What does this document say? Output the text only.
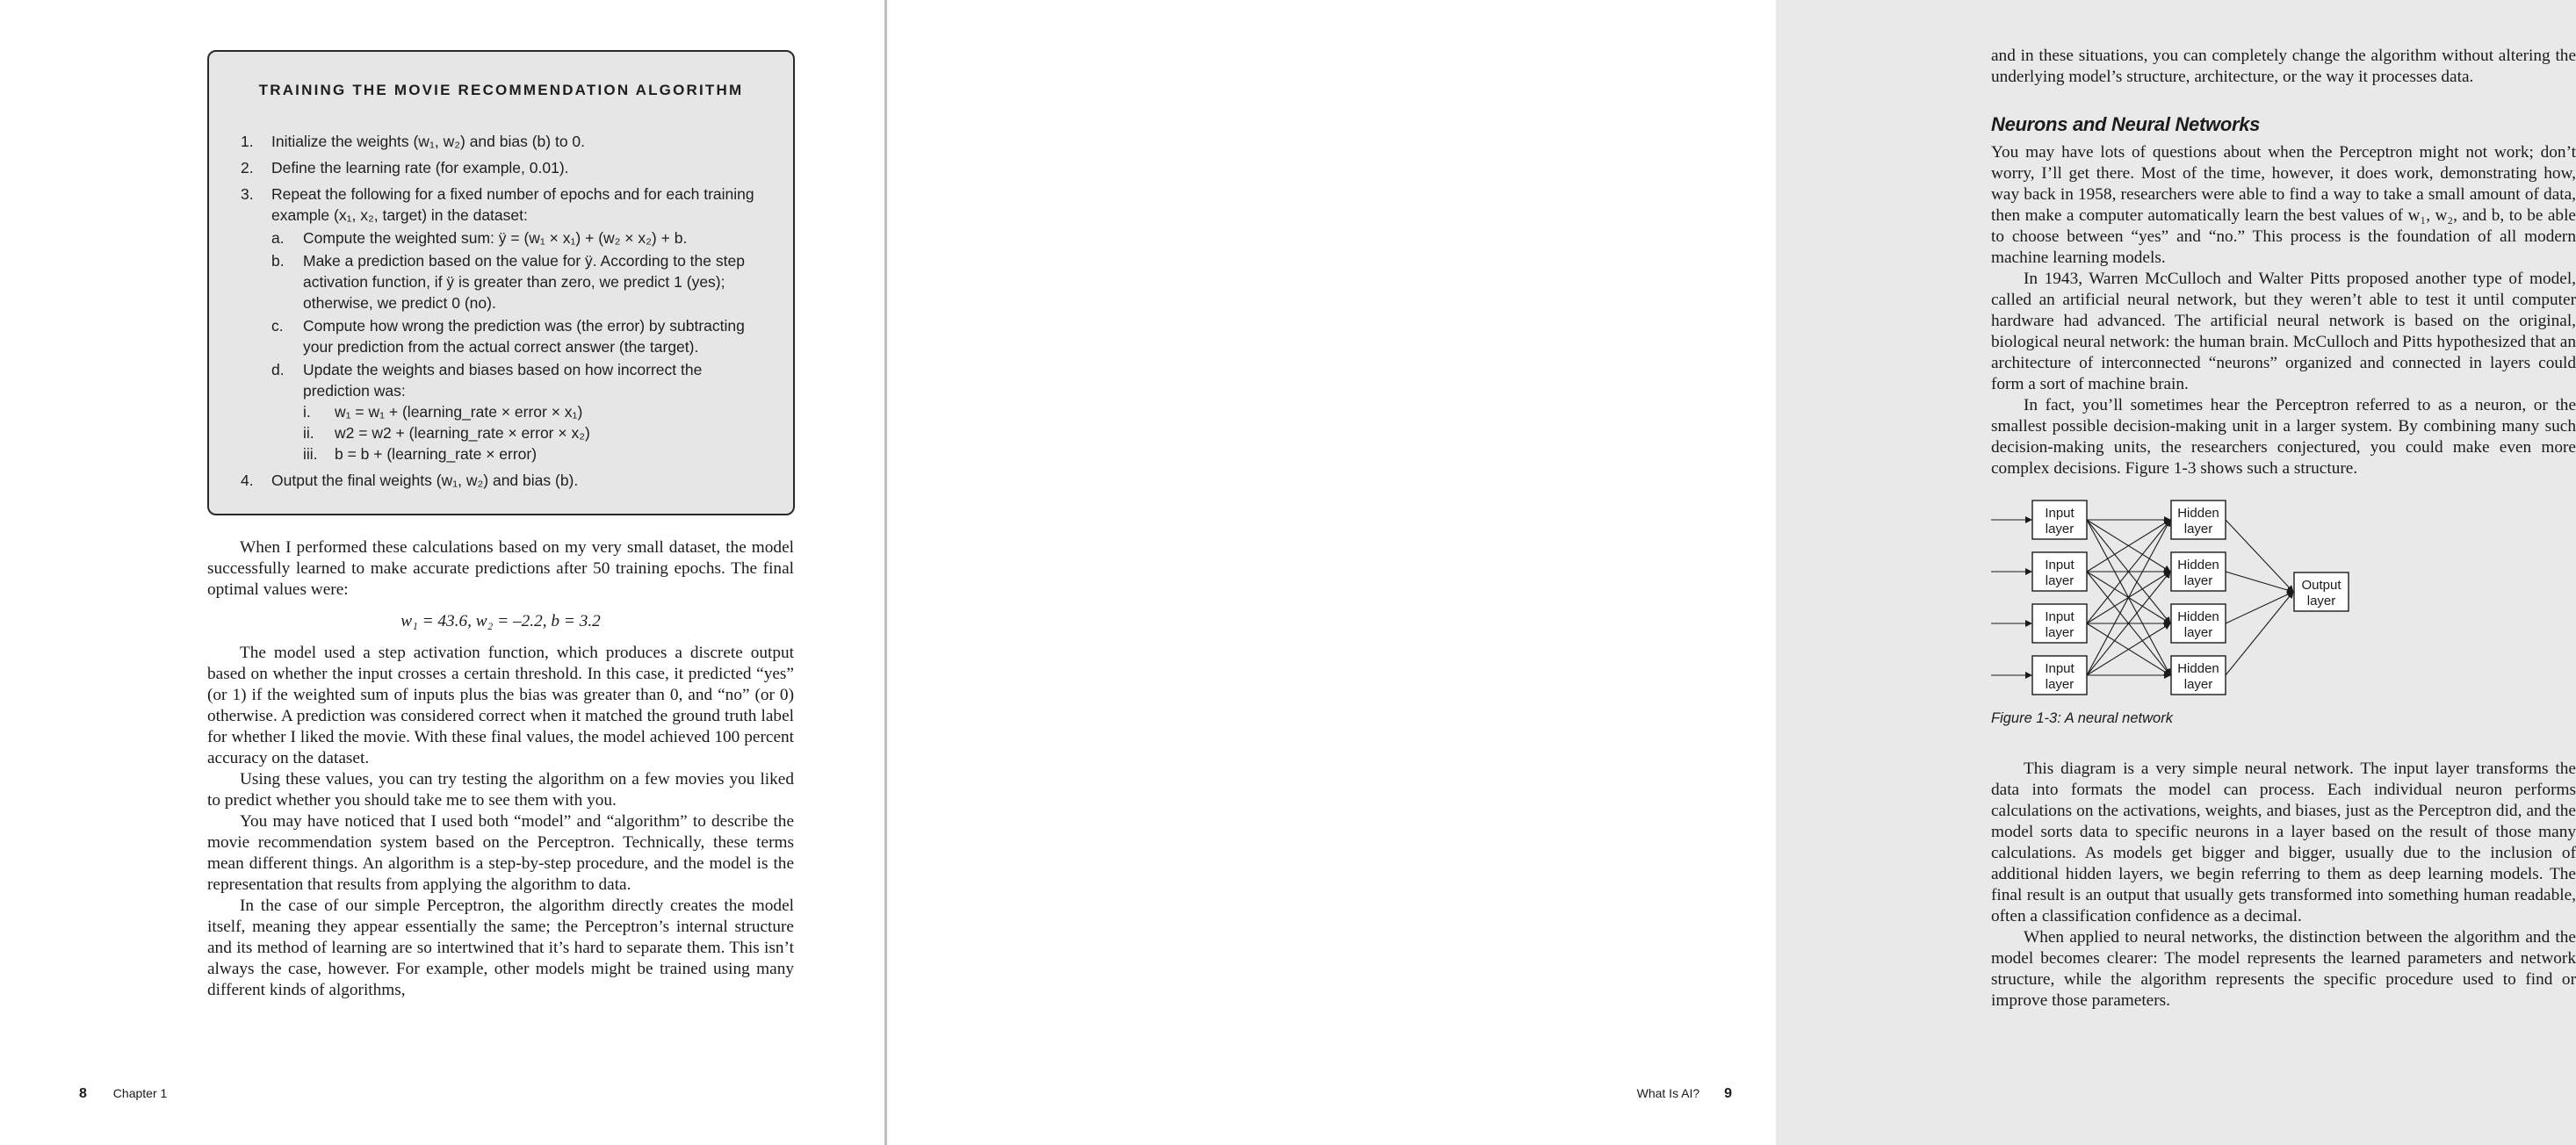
TRAINING THE MOVIE RECOMMENDATION ALGORITHM
1. Initialize the weights (w₁, w₂) and bias (b) to 0.
2. Define the learning rate (for example, 0.01).
3. Repeat the following for a fixed number of epochs and for each training example (x₁, x₂, target) in the dataset:
a. Compute the weighted sum: ÿ = (w₁ × x₁) + (w₂ × x₂) + b.
b. Make a prediction based on the value for ÿ. According to the step activation function, if ÿ is greater than zero, we predict 1 (yes); otherwise, we predict 0 (no).
c. Compute how wrong the prediction was (the error) by subtracting your prediction from the actual correct answer (the target).
d. Update the weights and biases based on how incorrect the prediction was:
i. w₁ = w₁ + (learning_rate × error × x₁)
ii. w2 = w2 + (learning_rate × error × x₂)
iii. b = b + (learning_rate × error)
4. Output the final weights (w₁, w₂) and bias (b).

When I performed these calculations based on my very small dataset, the model successfully learned to make accurate predictions after 50 training epochs. The final optimal values were:

w₁ = 43.6, w₂ = –2.2, b = 3.2

The model used a step activation function, which produces a discrete output based on whether the input crosses a certain threshold. In this case, it predicted “yes” (or 1) if the weighted sum of inputs plus the bias was greater than 0, and “no” (or 0) otherwise. A prediction was considered correct when it matched the ground truth label for whether I liked the movie. With these final values, the model achieved 100 percent accuracy on the dataset.

Using these values, you can try testing the algorithm on a few movies you liked to predict whether you should take me to see them with you.

You may have noticed that I used both “model” and “algorithm” to describe the movie recommendation system based on the Perceptron. Technically, these terms mean different things. An algorithm is a step-by-step procedure, and the model is the representation that results from applying the algorithm to data.

In the case of our simple Perceptron, the algorithm directly creates the model itself, meaning they appear essentially the same; the Perceptron’s internal structure and its method of learning are so intertwined that it’s hard to separate them. This isn’t always the case, however. For example, other models might be trained using many different kinds of algorithms,

8 Chapter 1

and in these situations, you can completely change the algorithm without altering the underlying model’s structure, architecture, or the way it processes data.

Neurons and Neural Networks

You may have lots of questions about when the Perceptron might not work; don’t worry, I’ll get there. Most of the time, however, it does work, demonstrating how, way back in 1958, researchers were able to find a way to take a small amount of data, then make a computer automatically learn the best values of w₁, w₂, and b, to be able to choose between “yes” and “no.” This process is the foundation of all modern machine learning models.

In 1943, Warren McCulloch and Walter Pitts proposed another type of model, called an artificial neural network, but they weren’t able to test it until computer hardware had advanced. The artificial neural network is based on the original, biological neural network: the human brain. McCulloch and Pitts hypothesized that an architecture of interconnected “neurons” organized and connected in layers could form a sort of machine brain.

In fact, you’ll sometimes hear the Perceptron referred to as a neuron, or the smallest possible decision-making unit in a larger system. By combining many such decision-making units, the researchers conjectured, you could make even more complex decisions. Figure 1-3 shows such a structure.

Input
layer
Input
layer
Input
layer
Input
layer
Hidden
layer
Hidden
layer
Hidden
layer
Hidden
layer
Output
layer
Figure 1-3: A neural network

This diagram is a very simple neural network. The input layer transforms the data into formats the model can process. Each individual neuron performs calculations on the activations, weights, and biases, just as the Perceptron did, and the model sorts data to specific neurons in a layer based on the result of those many calculations. As models get bigger and bigger, usually due to the inclusion of additional hidden layers, we begin referring to them as deep learning models. The final result is an output that usually gets transformed into something human readable, often a classification confidence as a decimal.

When applied to neural networks, the distinction between the algorithm and the model becomes clearer: The model represents the learned parameters and network structure, while the algorithm represents the specific procedure used to find or improve those parameters.

What Is AI? 9
